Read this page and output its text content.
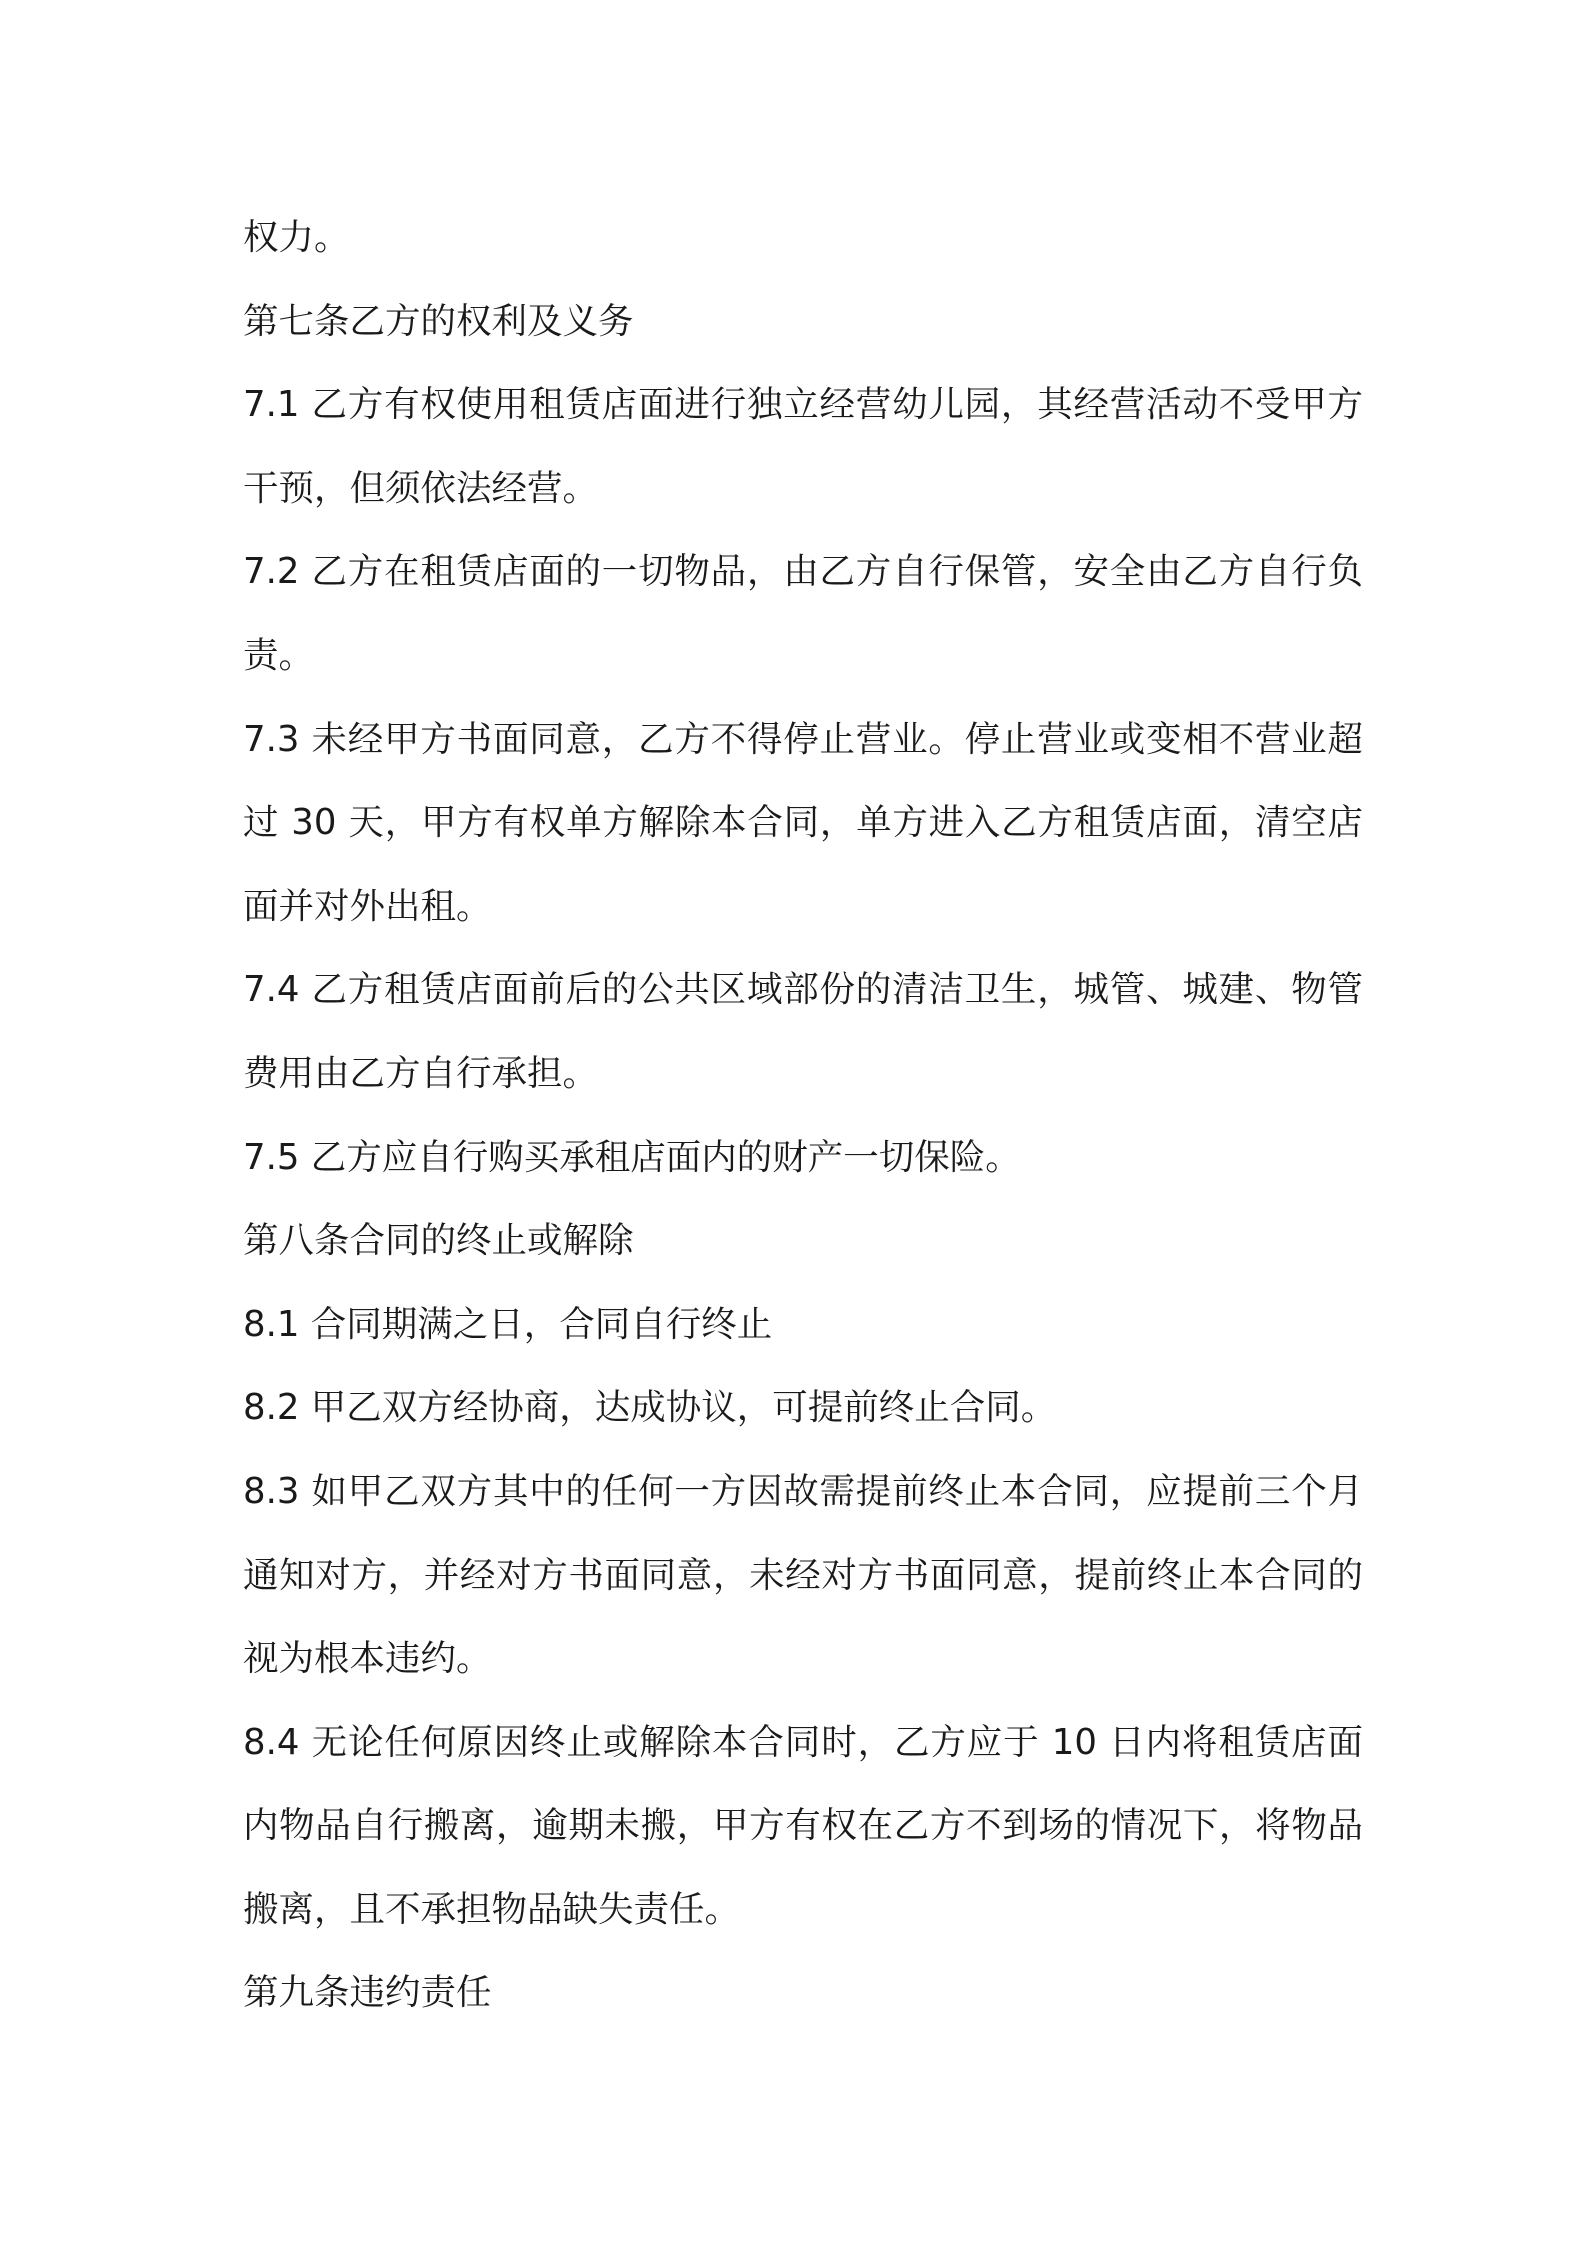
权力。

第七条乙方的权利及义务

7.1 乙方有权使用租赁店面进行独立经营幼儿园，其经营活动不受甲方干预，但须依法经营。

7.2 乙方在租赁店面的一切物品，由乙方自行保管，安全由乙方自行负责。

7.3 未经甲方书面同意，乙方不得停止营业。停止营业或变相不营业超过 30 天，甲方有权单方解除本合同，单方进入乙方租赁店面，清空店面并对外出租。

7.4 乙方租赁店面前后的公共区域部份的清洁卫生，城管、城建、物管费用由乙方自行承担。

7.5 乙方应自行购买承租店面内的财产一切保险。

第八条合同的终止或解除

8.1 合同期满之日，合同自行终止

8.2 甲乙双方经协商，达成协议，可提前终止合同。

8.3 如甲乙双方其中的任何一方因故需提前终止本合同，应提前三个月通知对方，并经对方书面同意，未经对方书面同意，提前终止本合同的视为根本违约。

8.4 无论任何原因终止或解除本合同时，乙方应于 10 日内将租赁店面内物品自行搬离，逾期未搬，甲方有权在乙方不到场的情况下，将物品搬离，且不承担物品缺失责任。

第九条违约责任
